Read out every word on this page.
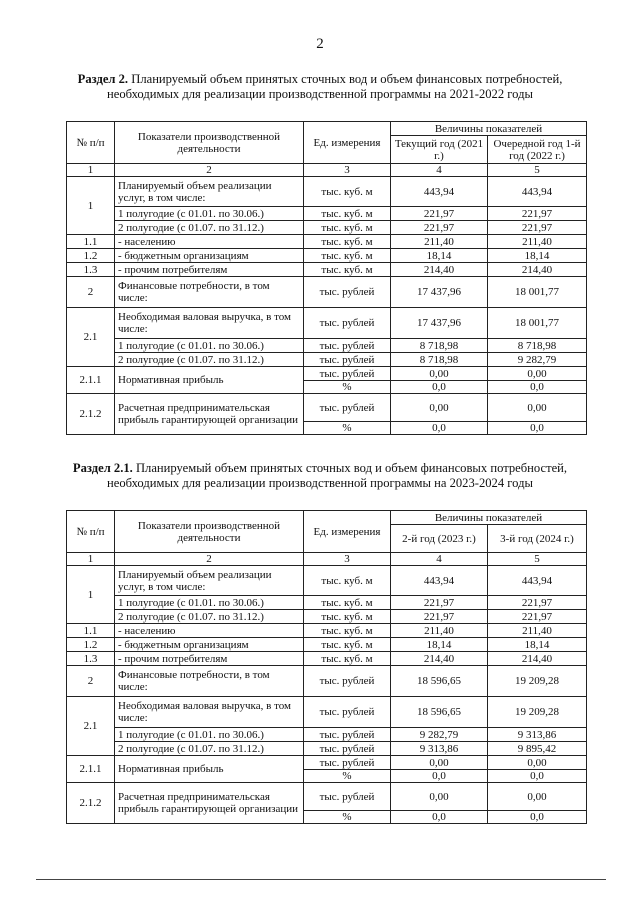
2
Раздел 2. Планируемый объем принятых сточных вод и объем финансовых потребностей, необходимых для реализации производственной программы на 2021-2022 годы
№ п/п	Показатели производственной деятельности	Ед. измерения	Величины показателей	
			Текущий год (2021 г.)	Очередной год 1-й год (2022 г.)
1	2	3	4	5
1	Планируемый объем реализации услуг, в том числе:	тыс. куб. м	443,94	443,94
	1 полугодие (с 01.01. по 30.06.)	тыс. куб. м	221,97	221,97
	2 полугодие (с 01.07. по 31.12.)	тыс. куб. м	221,97	221,97
1.1	- населению	тыс. куб. м	211,40	211,40
1.2	- бюджетным организациям	тыс. куб. м	18,14	18,14
1.3	- прочим потребителям	тыс. куб. м	214,40	214,40
2	Финансовые потребности, в том числе:	тыс. рублей	17 437,96	18 001,77
2.1	Необходимая валовая выручка, в том числе:	тыс. рублей	17 437,96	18 001,77
	1 полугодие (с 01.01. по 30.06.)	тыс. рублей	8 718,98	8 718,98
	2 полугодие (с 01.07. по 31.12.)	тыс. рублей	8 718,98	9 282,79
2.1.1	Нормативная прибыль	тыс. рублей	0,00	0,00
		%	0,0	0,0
2.1.2	Расчетная предпринимательская прибыль гарантирующей организации	тыс. рублей	0,00	0,00
		%	0,0	0,0
Раздел 2.1. Планируемый объем принятых сточных вод и объем финансовых потребностей, необходимых для реализации производственной программы на 2023-2024 годы
№ п/п	Показатели производственной деятельности	Ед. измерения	Величины показателей	
			2-й год (2023 г.)	3-й год (2024 г.)
1	2	3	4	5
1	Планируемый объем реализации услуг, в том числе:	тыс. куб. м	443,94	443,94
	1 полугодие (с 01.01. по 30.06.)	тыс. куб. м	221,97	221,97
	2 полугодие (с 01.07. по 31.12.)	тыс. куб. м	221,97	221,97
1.1	- населению	тыс. куб. м	211,40	211,40
1.2	- бюджетным организациям	тыс. куб. м	18,14	18,14
1.3	- прочим потребителям	тыс. куб. м	214,40	214,40
2	Финансовые потребности, в том числе:	тыс. рублей	18 596,65	19 209,28
2.1	Необходимая валовая выручка, в том числе:	тыс. рублей	18 596,65	19 209,28
	1 полугодие (с 01.01. по 30.06.)	тыс. рублей	9 282,79	9 313,86
	2 полугодие (с 01.07. по 31.12.)	тыс. рублей	9 313,86	9 895,42
2.1.1	Нормативная прибыль	тыс. рублей	0,00	0,00
		%	0,0	0,0
2.1.2	Расчетная предпринимательская прибыль гарантирующей организации	тыс. рублей	0,00	0,00
		%	0,0	0,0
